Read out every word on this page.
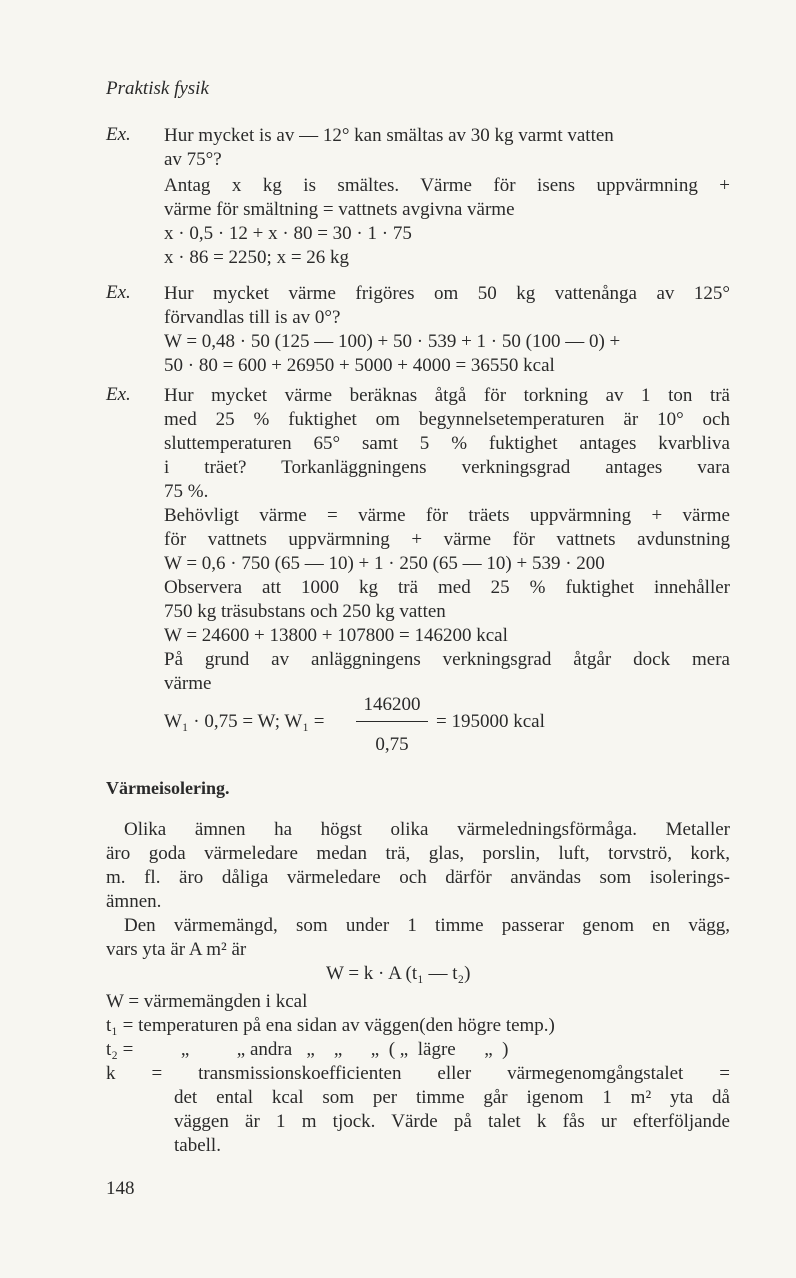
Praktisk fysik
Ex. Hur mycket is av — 12° kan smältas av 30 kg varmt vatten
av 75°?
Antag x kg is smältes. Värme för isens uppvärmning +
värme för smältning = vattnets avgivna värme
x · 0,5 · 12 + x · 80 = 30 · 1 · 75
x · 86 = 2250; x = 26 kg
Ex. Hur mycket värme frigöres om 50 kg vattenånga av 125°
förvandlas till is av 0°?
W = 0,48 · 50 (125 — 100) + 50 · 539 + 1 · 50 (100 — 0) +
50 · 80 = 600 + 26950 + 5000 + 4000 = 36550 kcal
Ex. Hur mycket värme beräknas åtgå för torkning av 1 ton trä
med 25 % fuktighet om begynnelsetemperaturen är 10° och
sluttemperaturen 65° samt 5 % fuktighet antages kvarbliva
i träet? Torkanläggningens verkningsgrad antages vara
75 %.
Behövligt värme = värme för träets uppvärmning + värme
för vattnets uppvärmning + värme för vattnets avdunstning
W = 0,6 · 750 (65 — 10) + 1 · 250 (65 — 10) + 539 · 200
Observera att 1000 kg trä med 25 % fuktighet innehåller
750 kg träsubstans och 250 kg vatten
W = 24600 + 13800 + 107800 = 146200 kcal
På grund av anläggningens verkningsgrad åtgår dock mera
värme
W₁ · 0,75 = W; W₁ =
146200
0,75
= 195000 kcal
Värmeisolering.
Olika ämnen ha högst olika värmeledningsförmåga. Metaller
äro goda värmeledare medan trä, glas, porslin, luft, torvströ, kork,
m. fl. äro dåliga värmeledare och därför användas som isolerings-
ämnen.
Den värmemängd, som under 1 timme passerar genom en vägg,
vars yta är A m² är
W = k · A (t₁ — t₂)
W = värmemängden i kcal
t₁ = temperaturen på ena sidan av väggen(den högre temp.)
t₂ =          „          „ andra   „    „      „  ( „  lägre      „  )
k = transmissionskoefficienten eller värmegenomgångstalet =
det ental kcal som per timme går igenom 1 m² yta då
väggen är 1 m tjock. Värde på talet k fås ur efterföljande
tabell.
148
